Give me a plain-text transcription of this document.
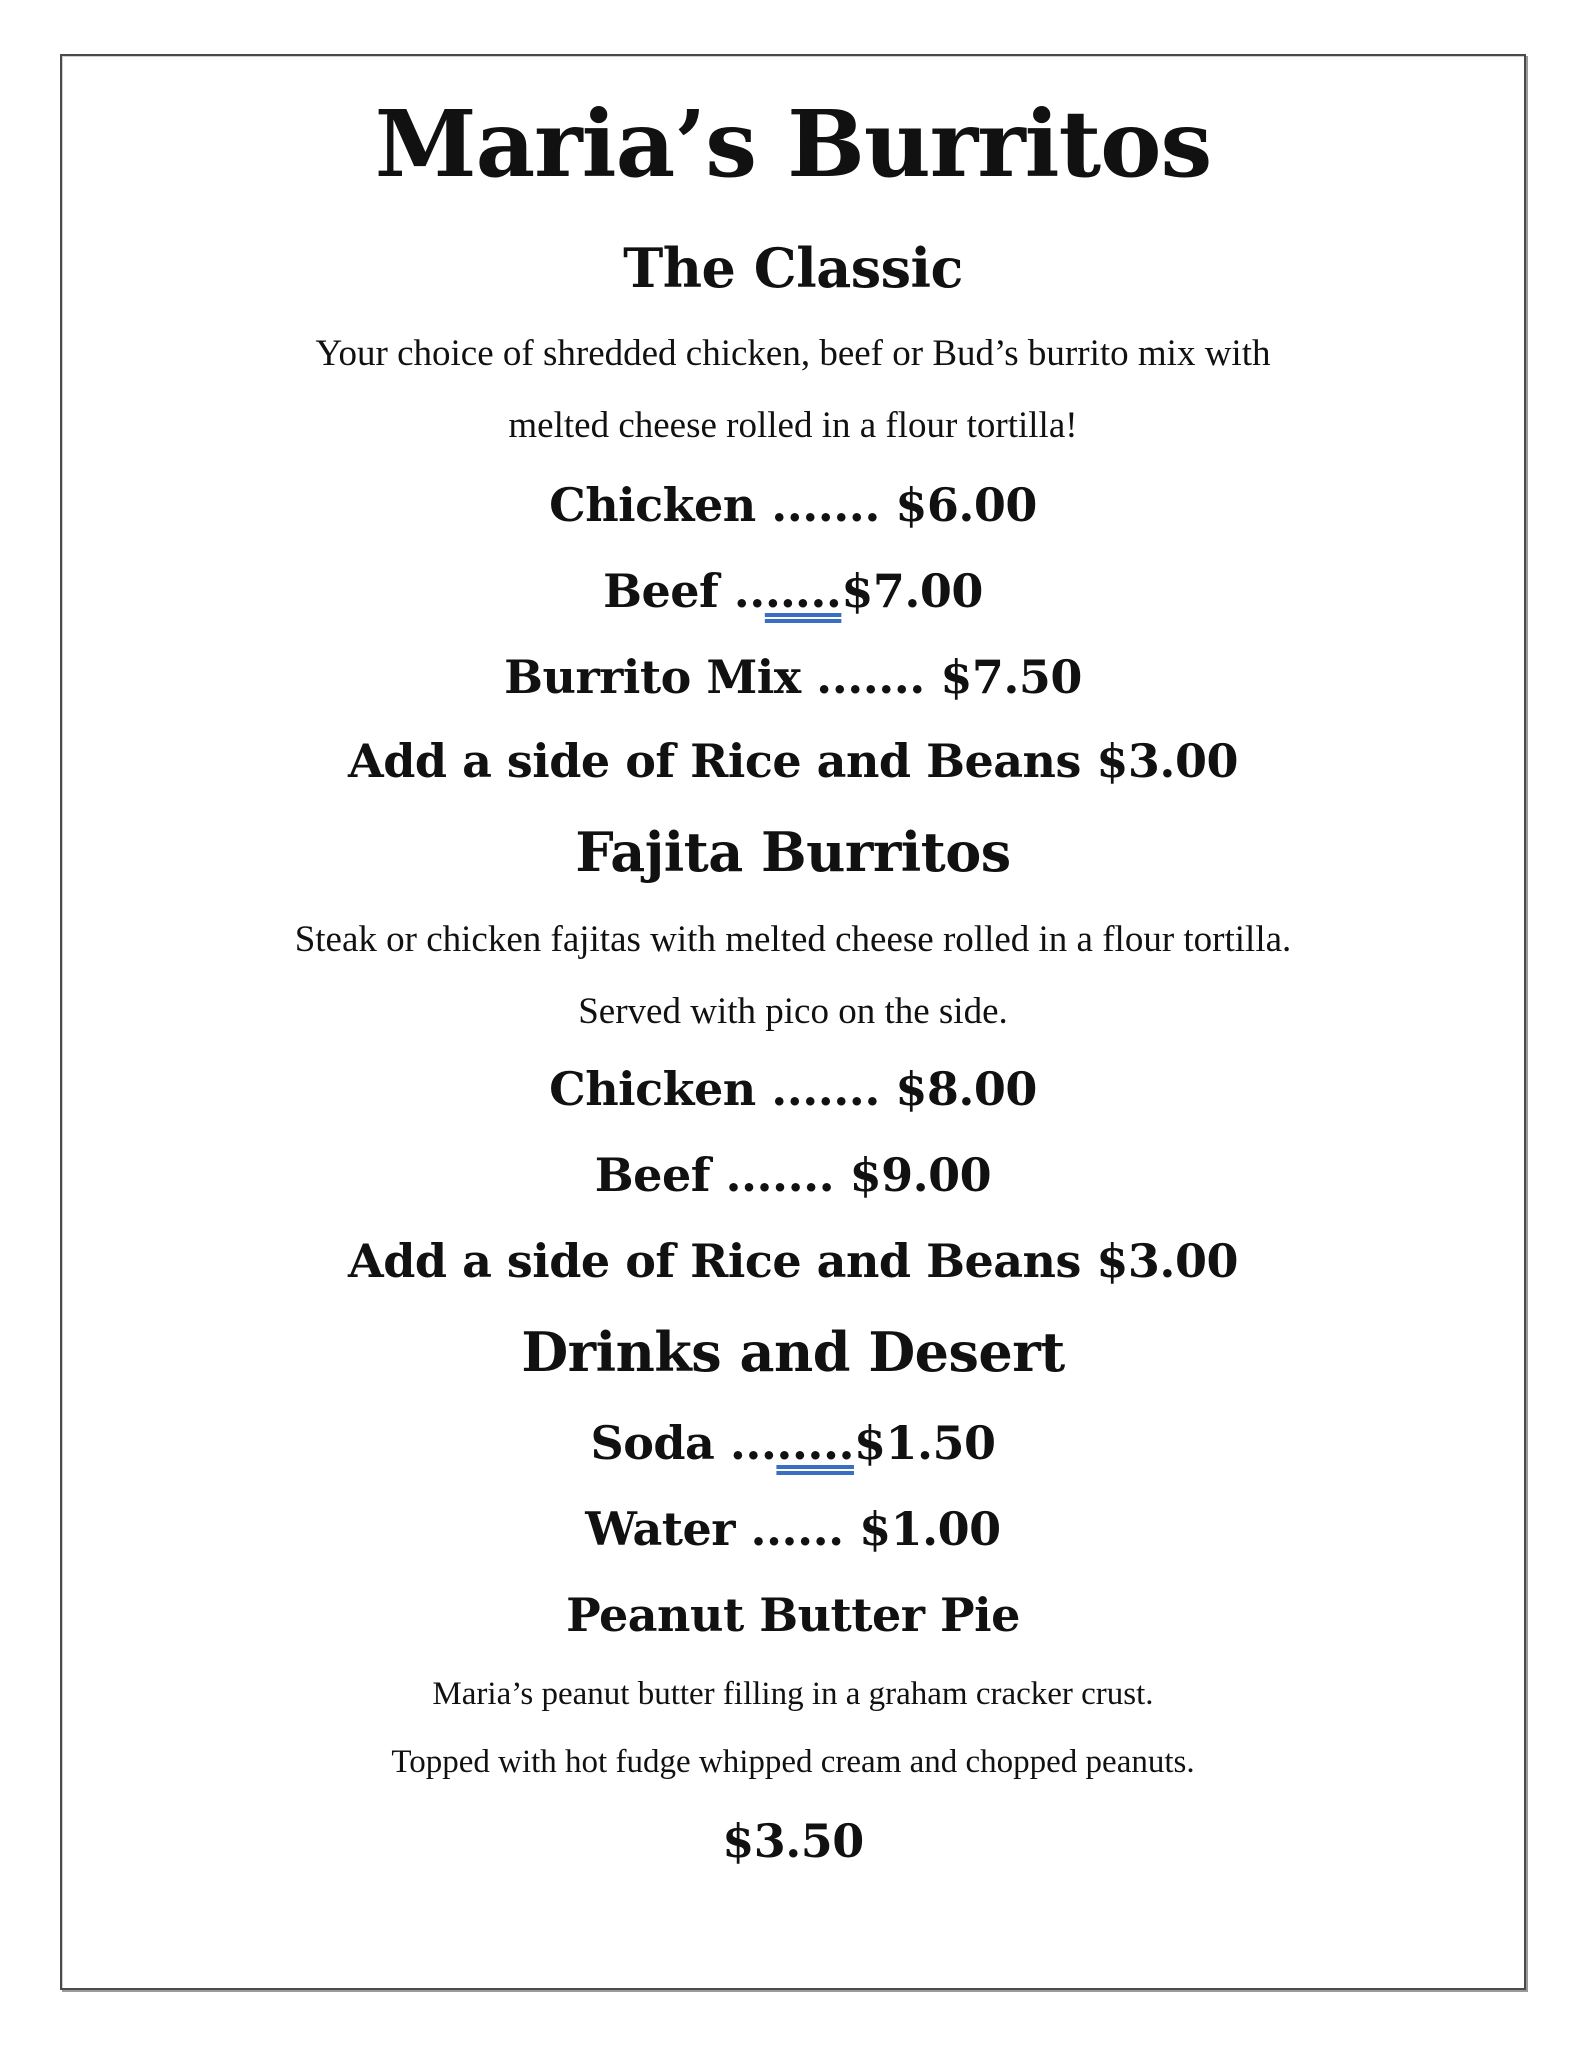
Maria’s Burritos
The Classic
Your choice of shredded chicken, beef or Bud’s burrito mix with
melted cheese rolled in a flour tortilla!
Chicken ....... $6.00
Beef ..…..$7.00
Burrito Mix ....... $7.50
Add a side of Rice and Beans $3.00
Fajita Burritos
Steak or chicken fajitas with melted cheese rolled in a flour tortilla.
Served with pico on the side.
Chicken ....... $8.00
Beef ....... $9.00
Add a side of Rice and Beans $3.00
Drinks and Desert
Soda ........$1.50
Water ...... $1.00
Peanut Butter Pie
Maria’s peanut butter filling in a graham cracker crust.
Topped with hot fudge whipped cream and chopped peanuts.
$3.50
